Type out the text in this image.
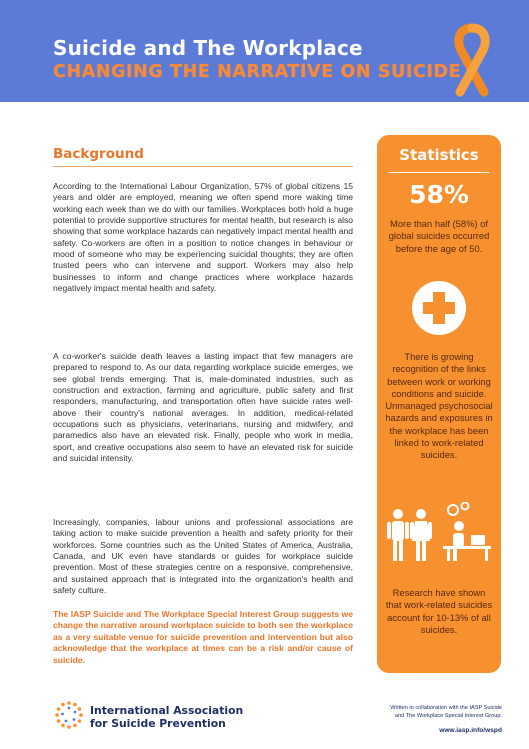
Suicide and The Workplace
CHANGING THE NARRATIVE ON SUICIDE
Background
According to the International Labour Organization, 57% of global citizens 15 years and older are employed, meaning we often spend more waking time working each week than we do with our families. Workplaces both hold a huge potential to provide supportive structures for mental health, but research is also showing that some workplace hazards can negatively impact mental health and safety. Co-workers are often in a position to notice changes in behaviour or mood of someone who may be experiencing suicidal thoughts; they are often trusted peers who can intervene and support. Workers may also help businesses to inform and change practices where workplace hazards negatively impact mental health and safety.
A co-worker's suicide death leaves a lasting impact that few managers are prepared to respond to. As our data regarding workplace suicide emerges, we see global trends emerging. That is, male-dominated industries, such as construction and extraction, farming and agriculture, public safety and first responders, manufacturing, and transportation often have suicide rates well-above their country's national averages. In addition, medical-related occupations such as physicians, veterinarians, nursing and midwifery, and paramedics also have an elevated risk. Finally, people who work in media, sport, and creative occupations also seem to have an elevated risk for suicide and suicidal intensity.
Increasingly, companies, labour unions and professional associations are taking action to make suicide prevention a health and safety priority for their workforces. Some countries such as the United States of America, Australia, Canada, and UK even have standards or guides for workplace suicide prevention. Most of these strategies centre on a responsive, comprehensive, and sustained approach that is integrated into the organization's health and safety culture.
The IASP Suicide and The Workplace Special Interest Group suggests we change the narrative around workplace suicide to both see the workplace as a very suitable venue for suicide prevention and intervention but also acknowledge that the workplace at times can be a risk and/or cause of suicide.
Statistics
58%
More than half (58%) of global suicides occurred before the age of 50.
There is growing recognition of the links between work or working conditions and suicide. Unmanaged psychosocial hazards and exposures in the workplace has been linked to work-related suicides.
Research have shown that work-related suicides account for 10-13% of all suicides.
International Association
for Suicide Prevention
Written in collaboration with the IASP Suicide
and The Workplace Special Interest Group.
www.iasp.info/wspd
